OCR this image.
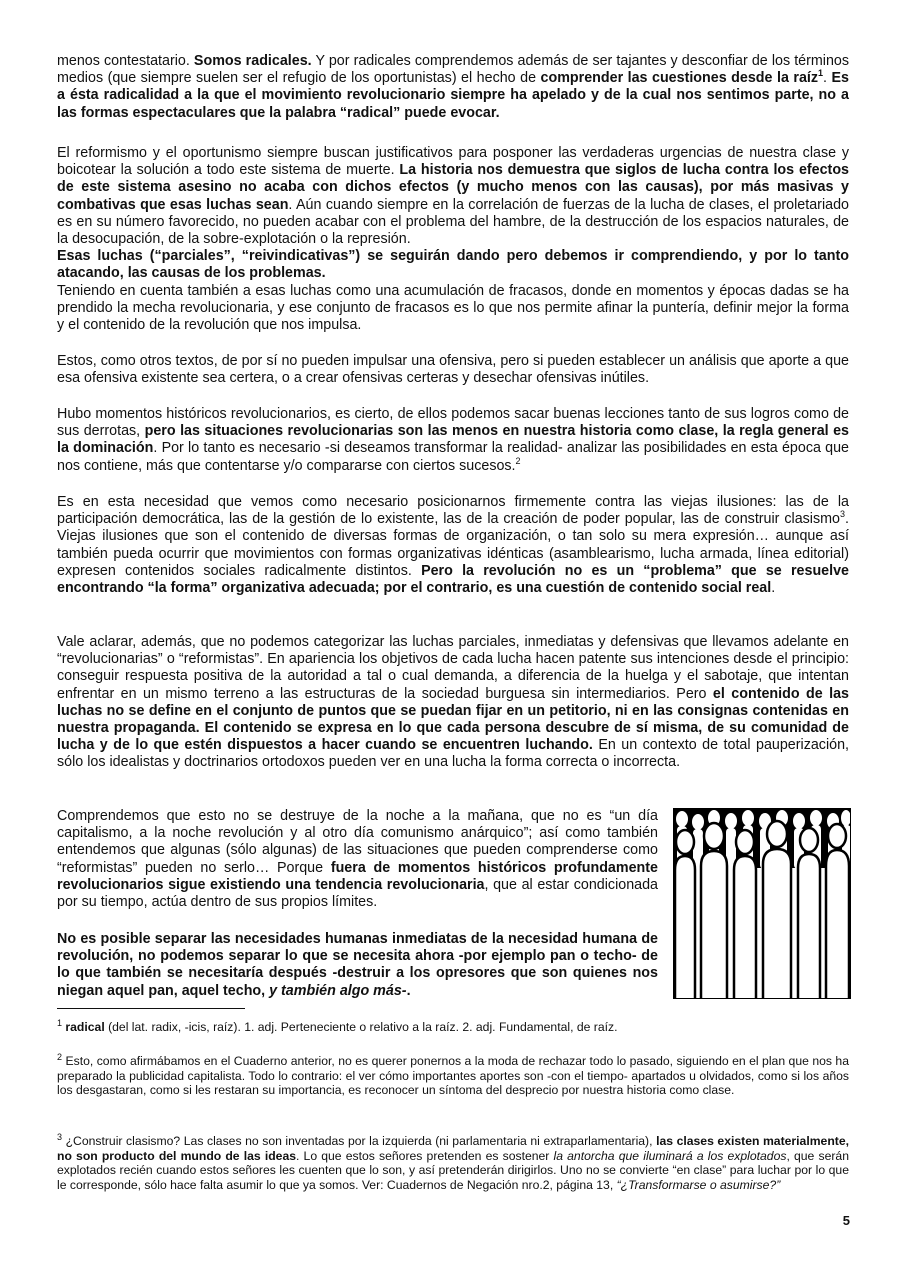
menos contestatario. Somos radicales. Y por radicales comprendemos además de ser tajantes y desconfiar de los términos medios (que siempre suelen ser el refugio de los oportunistas) el hecho de comprender las cuestiones desde la raíz$^1$. Es a ésta radicalidad a la que el movimiento revolucionario siempre ha apelado y de la cual nos sentimos parte, no a las formas espectaculares que la palabra “radical” puede evocar.

El reformismo y el oportunismo siempre buscan justificativos para posponer las verdaderas urgencias de nuestra clase y boicotear la solución a todo este sistema de muerte. La historia nos demuestra que siglos de lucha contra los efectos de este sistema asesino no acaba con dichos efectos (y mucho menos con las causas), por más masivas y combativas que esas luchas sean. Aún cuando siempre en la correlación de fuerzas de la lucha de clases, el proletariado es en su número favorecido, no pueden acabar con el problema del hambre, de la destrucción de los espacios naturales, de la desocupación, de la sobre-explotación o la represión.
Esas luchas (“parciales”, “reivindicativas”) se seguirán dando pero debemos ir comprendiendo, y por lo tanto atacando, las causas de los problemas.
Teniendo en cuenta también a esas luchas como una acumulación de fracasos, donde en momentos y épocas dadas se ha prendido la mecha revolucionaria, y ese conjunto de fracasos es lo que nos permite afinar la puntería, definir mejor la forma y el contenido de la revolución que nos impulsa.

Estos, como otros textos, de por sí no pueden impulsar una ofensiva, pero si pueden establecer un análisis que aporte a que esa ofensiva existente sea certera, o a crear ofensivas certeras y desechar ofensivas inútiles.

Hubo momentos históricos revolucionarios, es cierto, de ellos podemos sacar buenas lecciones tanto de sus logros como de sus derrotas, pero las situaciones revolucionarias son las menos en nuestra historia como clase, la regla general es la dominación. Por lo tanto es necesario -si deseamos transformar la realidad- analizar las posibilidades en esta época que nos contiene, más que contentarse y/o compararse con ciertos sucesos.$^2$

Es en esta necesidad que vemos como necesario posicionarnos firmemente contra las viejas ilusiones: las de la participación democrática, las de la gestión de lo existente, las de la creación de poder popular, las de construir clasismo$^3$. Viejas ilusiones que son el contenido de diversas formas de organización, o tan solo su mera expresión… aunque así también pueda ocurrir que movimientos con formas organizativas idénticas (asamblearismo, lucha armada, línea editorial) expresen contenidos sociales radicalmente distintos. Pero la revolución no es un “problema” que se resuelve encontrando “la forma” organizativa adecuada; por el contrario, es una cuestión de contenido social real.

Vale aclarar, además, que no podemos categorizar las luchas parciales, inmediatas y defensivas que llevamos adelante en “revolucionarias” o “reformistas”. En apariencia los objetivos de cada lucha hacen patente sus intenciones desde el principio: conseguir respuesta positiva de la autoridad a tal o cual demanda, a diferencia de la huelga y el sabotaje, que intentan enfrentar en un mismo terreno a las estructuras de la sociedad burguesa sin intermediarios. Pero el contenido de las luchas no se define en el conjunto de puntos que se puedan fijar en un petitorio, ni en las consignas contenidas en nuestra propaganda. El contenido se expresa en lo que cada persona descubre de sí misma, de su comunidad de lucha y de lo que estén dispuestos a hacer cuando se encuentren luchando. En un contexto de total pauperización, sólo los idealistas y doctrinarios ortodoxos pueden ver en una lucha la forma correcta o incorrecta.

Comprendemos que esto no se destruye de la noche a la mañana, que no es “un día capitalismo, a la noche revolución y al otro día comunismo anárquico”; así como también entendemos que algunas (sólo algunas) de las situaciones que pueden comprenderse como “reformistas” pueden no serlo… Porque fuera de momentos históricos profundamente revolucionarios sigue existiendo una tendencia revolucionaria, que al estar condicionada por su tiempo, actúa dentro de sus propios límites.

No es posible separar las necesidades humanas inmediatas de la necesidad humana de revolución, no podemos separar lo que se necesita ahora -por ejemplo pan o techo- de lo que también se necesitaría después -destruir a los opresores que son quienes nos niegan aquel pan, aquel techo, y también algo más-.

$^1$ radical (del lat. radix, -icis, raíz). 1. adj. Perteneciente o relativo a la raíz. 2. adj. Fundamental, de raíz.

$^2$ Esto, como afirmábamos en el Cuaderno anterior, no es querer ponernos a la moda de rechazar todo lo pasado, siguiendo en el plan que nos ha preparado la publicidad capitalista. Todo lo contrario: el ver cómo importantes aportes son -con el tiempo- apartados u olvidados, como si los años los desgastaran, como si les restaran su importancia, es reconocer un síntoma del desprecio por nuestra historia como clase.

$^3$ ¿Construir clasismo? Las clases no son inventadas por la izquierda (ni parlamentaria ni extraparlamentaria), las clases existen materialmente, no son producto del mundo de las ideas. Lo que estos señores pretenden es sostener la antorcha que iluminará a los explotados, que serán explotados recién cuando estos señores les cuenten que lo son, y así pretenderán dirigirlos. Uno no se convierte “en clase” para luchar por lo que le corresponde, sólo hace falta asumir lo que ya somos. Ver: Cuadernos de Negación nro.2, página 13, “¿Transformarse o asumirse?”

5
